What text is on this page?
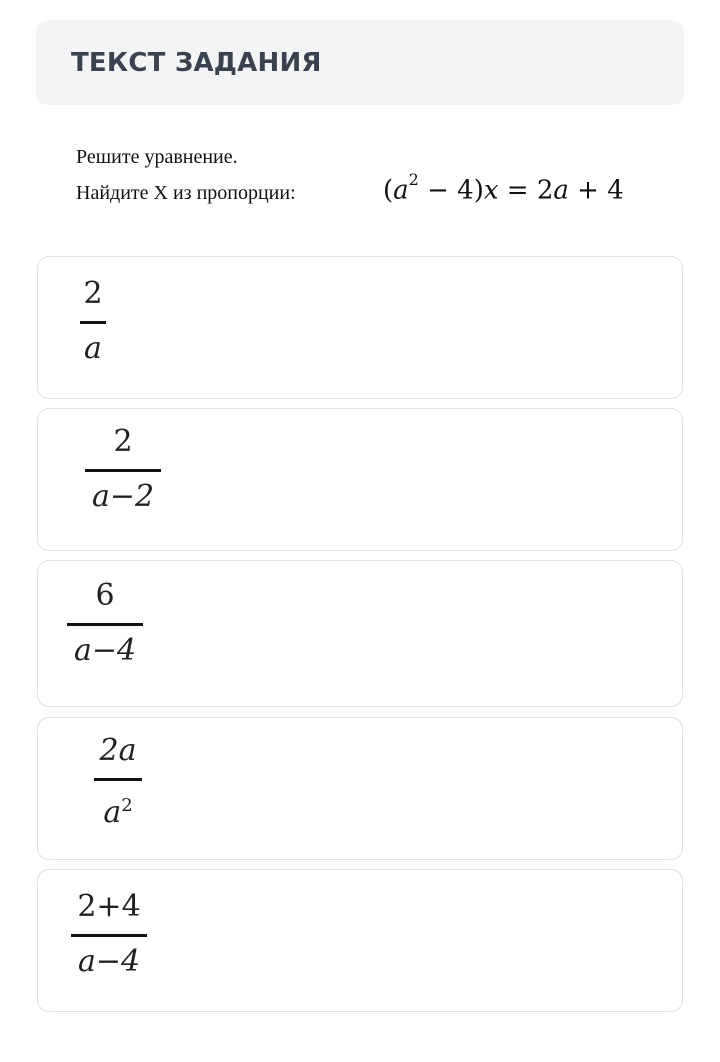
ТЕКСТ ЗАДАНИЯ
Решите уравнение.
Найдите X из пропорции:	$(a^2 - 4)x = 2a + 4$
2
a
2
a−2
6
a−4
2a
$a^2$
2+4
a−4
